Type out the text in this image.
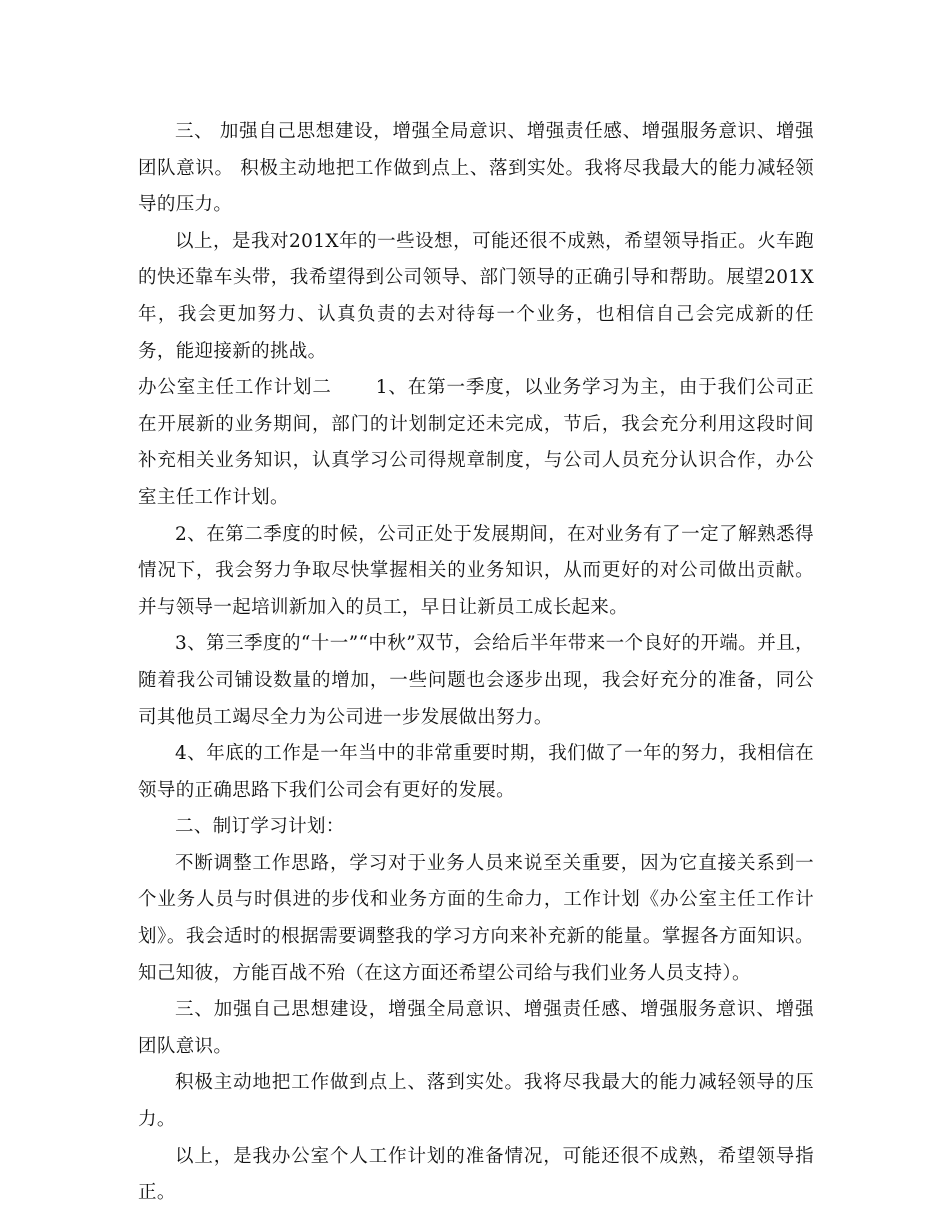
三、 加强自己思想建设，增强全局意识、增强责任感、增强服务意识、增强团队意识。 积极主动地把工作做到点上、落到实处。我将尽我最大的能力减轻领导的压力。

以上，是我对201X年的一些设想，可能还很不成熟，希望领导指正。火车跑的快还靠车头带，我希望得到公司领导、部门领导的正确引导和帮助。展望201X年，我会更加努力、认真负责的去对待每一个业务，也相信自己会完成新的任务，能迎接新的挑战。

办公室主任工作计划二 1、在第一季度，以业务学习为主，由于我们公司正在开展新的业务期间，部门的计划制定还未完成，节后，我会充分利用这段时间补充相关业务知识，认真学习公司得规章制度，与公司人员充分认识合作，办公室主任工作计划。

2、在第二季度的时候，公司正处于发展期间，在对业务有了一定了解熟悉得情况下，我会努力争取尽快掌握相关的业务知识，从而更好的对公司做出贡献。并与领导一起培训新加入的员工，早日让新员工成长起来。

3、第三季度的“十一”“中秋”双节，会给后半年带来一个良好的开端。并且，随着我公司铺设数量的增加，一些问题也会逐步出现，我会好充分的准备，同公司其他员工竭尽全力为公司进一步发展做出努力。

4、年底的工作是一年当中的非常重要时期，我们做了一年的努力，我相信在领导的正确思路下我们公司会有更好的发展。

二、制订学习计划：

不断调整工作思路，学习对于业务人员来说至关重要，因为它直接关系到一个业务人员与时俱进的步伐和业务方面的生命力，工作计划《办公室主任工作计划》。我会适时的根据需要调整我的学习方向来补充新的能量。掌握各方面知识。知己知彼，方能百战不殆（在这方面还希望公司给与我们业务人员支持）。

三、加强自己思想建设，增强全局意识、增强责任感、增强服务意识、增强团队意识。

积极主动地把工作做到点上、落到实处。我将尽我最大的能力减轻领导的压力。

以上，是我办公室个人工作计划的准备情况，可能还很不成熟，希望领导指正。
